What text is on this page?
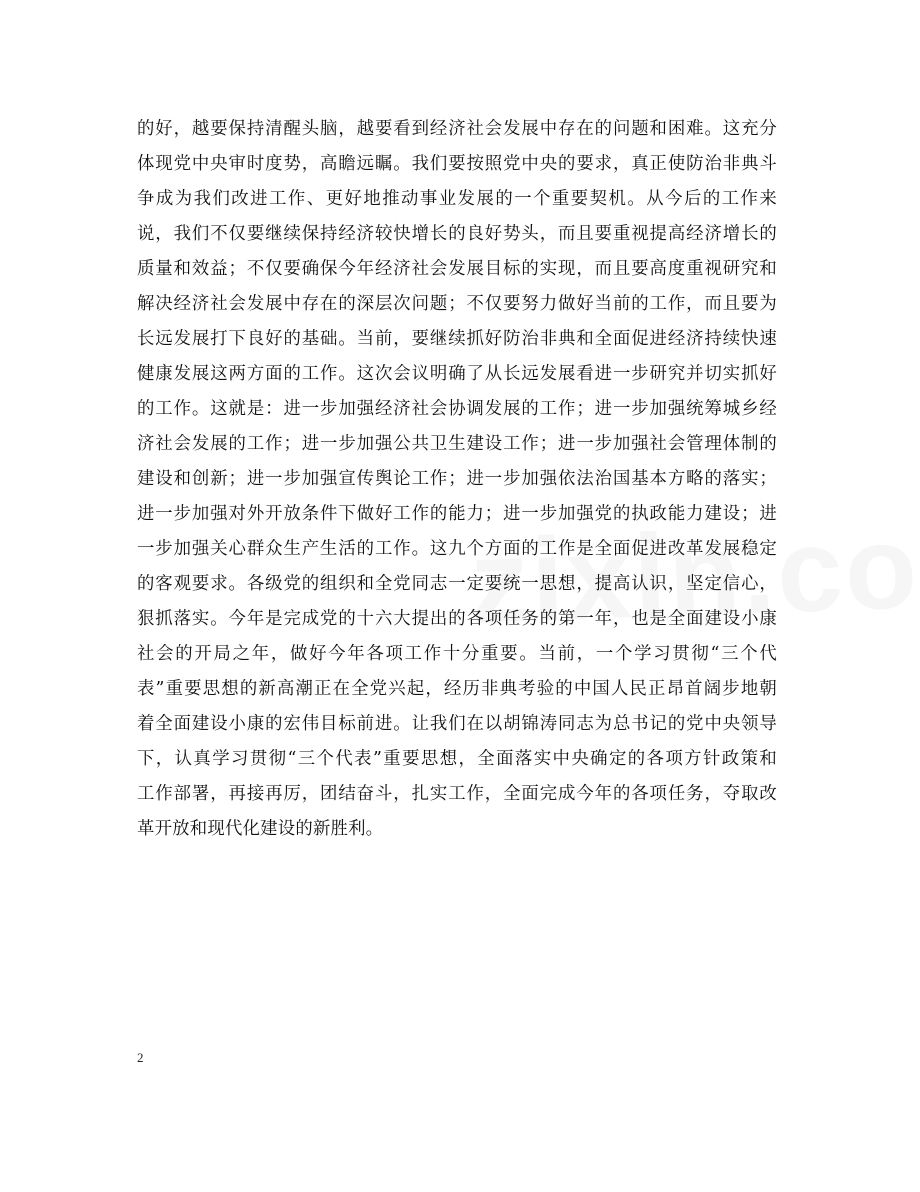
的好，越要保持清醒头脑，越要看到经济社会发展中存在的问题和困难。这充分
体现党中央审时度势，高瞻远瞩。我们要按照党中央的要求，真正使防治非典斗
争成为我们改进工作、更好地推动事业发展的一个重要契机。从今后的工作来
说，我们不仅要继续保持经济较快增长的良好势头，而且要重视提高经济增长的
质量和效益；不仅要确保今年经济社会发展目标的实现，而且要高度重视研究和
解决经济社会发展中存在的深层次问题；不仅要努力做好当前的工作，而且要为
长远发展打下良好的基础。当前，要继续抓好防治非典和全面促进经济持续快速
健康发展这两方面的工作。这次会议明确了从长远发展看进一步研究并切实抓好
的工作。这就是：进一步加强经济社会协调发展的工作；进一步加强统筹城乡经
济社会发展的工作；进一步加强公共卫生建设工作；进一步加强社会管理体制的
建设和创新；进一步加强宣传舆论工作；进一步加强依法治国基本方略的落实；
进一步加强对外开放条件下做好工作的能力；进一步加强党的执政能力建设；进
一步加强关心群众生产生活的工作。这九个方面的工作是全面促进改革发展稳定
的客观要求。各级党的组织和全党同志一定要统一思想，提高认识，坚定信心，
狠抓落实。今年是完成党的十六大提出的各项任务的第一年，也是全面建设小康
社会的开局之年，做好今年各项工作十分重要。当前，一个学习贯彻“三个代
表”重要思想的新高潮正在全党兴起，经历非典考验的中国人民正昂首阔步地朝
着全面建设小康的宏伟目标前进。让我们在以胡锦涛同志为总书记的党中央领导
下，认真学习贯彻“三个代表”重要思想，全面落实中央确定的各项方针政策和
工作部署，再接再厉，团结奋斗，扎实工作，全面完成今年的各项任务，夺取改
革开放和现代化建设的新胜利。
2
